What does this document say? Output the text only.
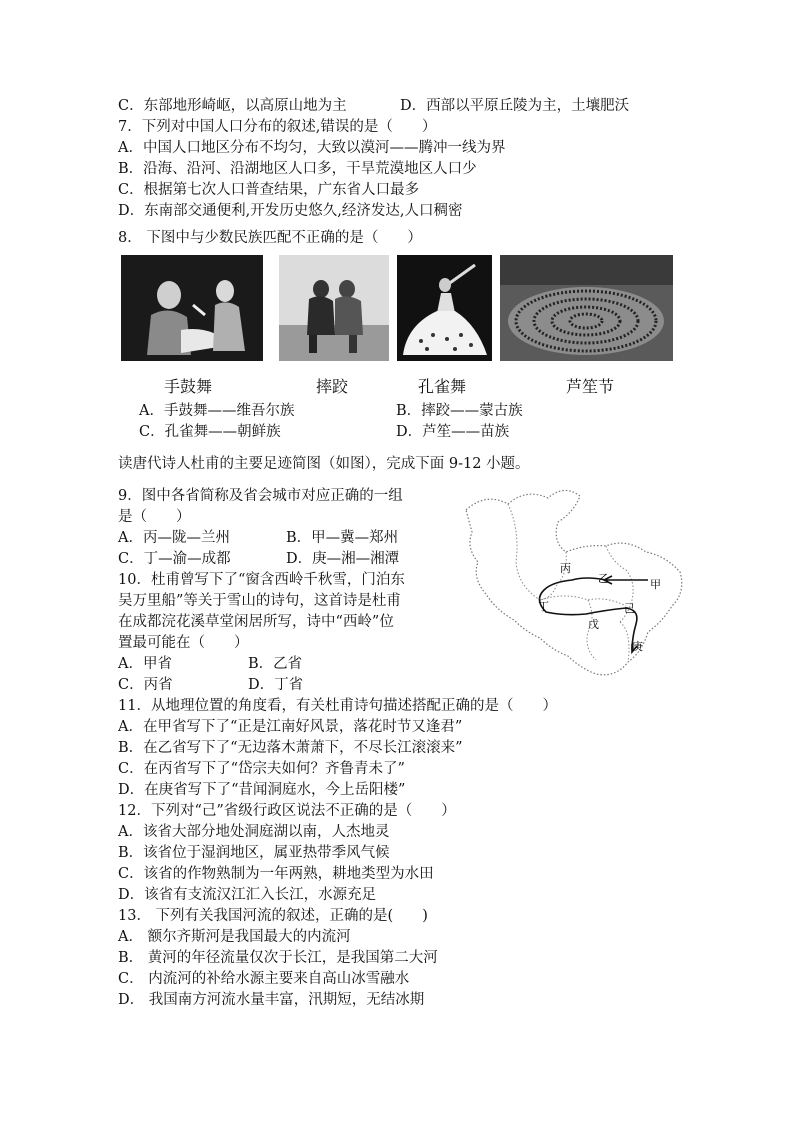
C．东部地形崎岖，以高原山地为主	D．西部以平原丘陵为主，土壤肥沃
7．下列对中国人口分布的叙述,错误的是（　　）
A．中国人口地区分布不均匀，大致以漠河——腾冲一线为界
B．沿海、沿河、沿湖地区人口多，干旱荒漠地区人口少
C．根据第七次人口普查结果，广东省人口最多
D．东南部交通便利,开发历史悠久,经济发达,人口稠密
8． 下图中与少数民族匹配不正确的是（　　）
手鼓舞	摔跤	孔雀舞	芦笙节
A．手鼓舞——维吾尔族	B．摔跤——蒙古族
C．孔雀舞——朝鲜族	D．芦笙——苗族
读唐代诗人杜甫的主要足迹简图（如图），完成下面 9-12 小题。
9．图中各省简称及省会城市对应正确的一组
是（　　）
A．丙—陇—兰州	B．甲—冀—郑州
C．丁—渝—成都	D．庚—湘—湘潭
10．杜甫曾写下了“窗含西岭千秋雪，门泊东
吴万里船”等关于雪山的诗句，这首诗是杜甫
在成都浣花溪草堂闲居所写，诗中“西岭”位
置最可能在（　　）
A．甲省	B．乙省
C．丙省	D．丁省
丙
乙	甲
丁	己
戊
庚
11．从地理位置的角度看，有关杜甫诗句描述搭配正确的是（　　）
A．在甲省写下了“正是江南好风景，落花时节又逢君”
B．在乙省写下了“无边落木萧萧下，不尽长江滚滚来”
C．在丙省写下了“岱宗夫如何？齐鲁青未了”
D．在庚省写下了“昔闻洞庭水，今上岳阳楼”
12．下列对“己”省级行政区说法不正确的是（　　）
A．该省大部分地处洞庭湖以南，人杰地灵
B．该省位于湿润地区，属亚热带季风气候
C．该省的作物熟制为一年两熟，耕地类型为水田
D．该省有支流汉江汇入长江，水源充足
13． 下列有关我国河流的叙述，正确的是(　　)
A． 额尔齐斯河是我国最大的内流河
B． 黄河的年径流量仅次于长江，是我国第二大河
C． 内流河的补给水源主要来自高山冰雪融水
D． 我国南方河流水量丰富，汛期短，无结冰期
